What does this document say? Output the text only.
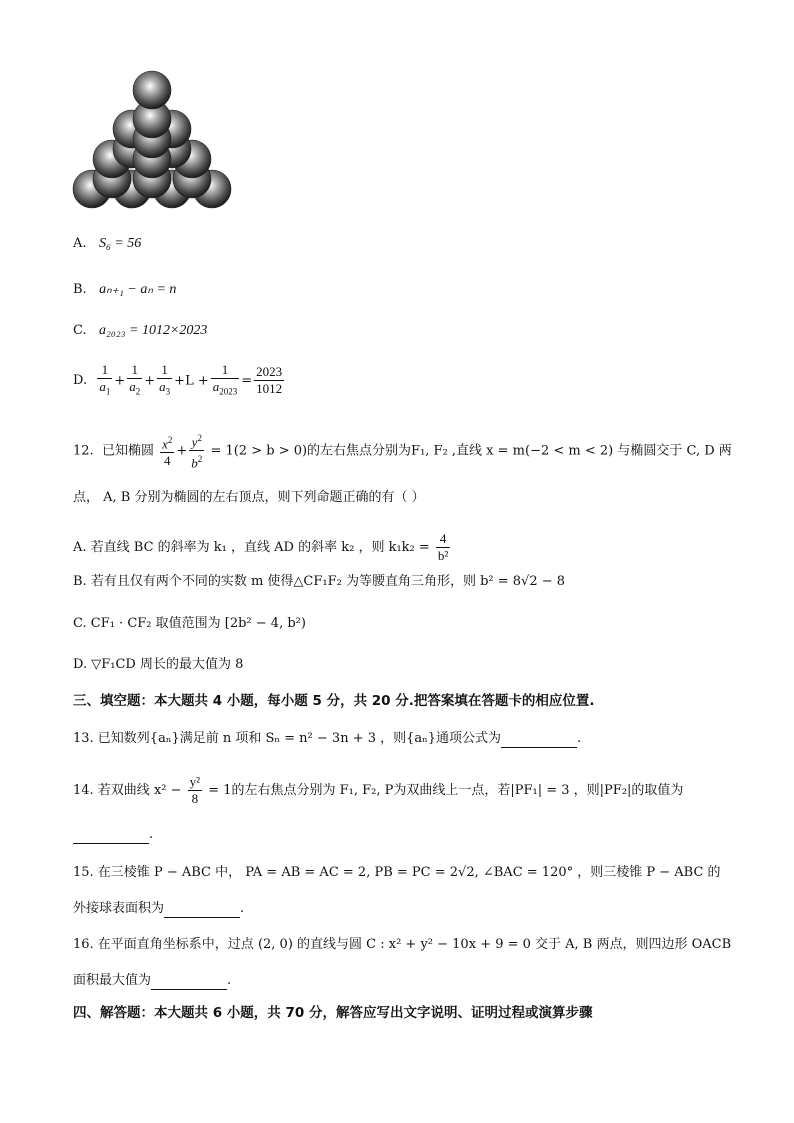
A. S₆ = 56
B. aₙ₊₁ − aₙ = n
C. a₂₀₂₃ = 1012×2023
D. $\frac{1}{a_1} + \frac{1}{a_2} + \frac{1}{a_3} +L + \frac{1}{a_{2023}} = \frac{2023}{1012}$
12. 已知椭圆 $\frac{x^2}{4} + \frac{y^2}{b^2} = 1(2 > b > 0)$的左右焦点分别为F₁, F₂ ,直线 x = m(−2 < m < 2) 与椭圆交于 C, D 两
点， A, B 分别为椭圆的左右顶点，则下列命题正确的有（ ）
A. 若直线 BC 的斜率为 k₁ ，直线 AD 的斜率 k₂ ，则 $k_1k_2 = \frac{4}{\text{b²}}$
B. 若有且仅有两个不同的实数 m 使得△CF₁F₂ 为等腰直角三角形，则 b² = 8√2 − 8
C. CF₁ · CF₂ 取值范围为 [2b² − 4, b²)
D. ▽F₁CD 周长的最大值为 8
三、填空题：本大题共 4 小题，每小题 5 分，共 20 分.把答案填在答题卡的相应位置.
13. 已知数列{aₙ}满足前 n 项和 Sₙ = n² − 3n + 3 ，则{aₙ}通项公式为	.
14. 若双曲线 $x^2 - \frac{\text{y²}}{8} = 1$的左右焦点分别为 F₁, F₂, P为双曲线上一点，若|PF₁| = 3 ，则|PF₂|的取值为
.
15. 在三棱锥 P − ABC 中， PA = AB = AC = 2, PB = PC = 2√2, ∠BAC = 120° ，则三棱锥 P − ABC 的
外接球表面积为	.
16. 在平面直角坐标系中，过点 (2, 0) 的直线与圆 C : x² + y² − 10x + 9 = 0 交于 A, B 两点，则四边形 OACB
面积最大值为	.
四、解答题：本大题共 6 小题，共 70 分，解答应写出文字说明、证明过程或演算步骤
